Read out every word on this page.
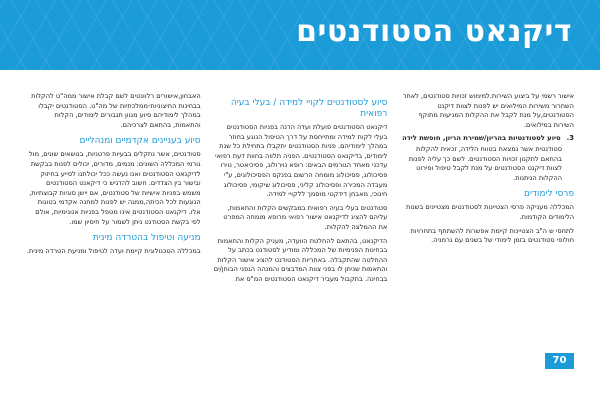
דיקנאט הסטודנטים

אישור רשמי על ביצוע השירות.למימוש זכויות סטודנטים, לאחר השחרור משירות המילואים יש לפנות לצוות דיקנט הסטודנטים,על מנת לקבל את ההקלות המגיעות מתוקף השירות במילואים.

3.סיוע לסטודנטיות בהריון/שמירת הריון, חופשת לידה

סטודנטית אשר נמצאת בטווח הלידה, זכאית להקלות בהתאם לתקנון זכויות הסטודנטים. לשם כך עליה לפנות לצוות דיקנט הסטודנטים על מנת לקבל טיפול ופירוט ההקלות הניתנות.

פרסי לימודים

המכללה מעניקה פרסי הצטיינות לסטודנטים מצטיינים בשנות הלימודים הקודמות.

לתחסי ש ה"ב הצטיינות קיימת אפשרות להשתתף בתחרויות חולופי סטודנטים בזמן לימודי של בשנים עם גרמניה.

סיוע לסטודנטים לקויי למידה / בעלי בעיה רפואית

דיקנאט הסטודנטים פועלת ועדה הדנה בפניות הסטודנטים בעלי לקות למידה ומתייחסת על דרך הטיפול הנוגע בחוזר במהלך לימודיהם. פניות הסטודנטים יתקבלו בתחילת כל שנת לימודים, בדיקנאט הסטודנטים. הפניה תלווה בחוות דעת רפואי עדכני מאחד הגורמים הבאים: רופא נוירולוג, פסיכיאטר, נוירו פסיכולוג, פסיכולוג מומחה הרשום בפנקס הפסיכולוגים, ע"י מעבדה המכירה ופסיכולוג קליני, פסיכולוג שיקומי, פסיכולוג חינוכי, מאבחן דידקטי מוסמך ללקויי למידה.

סטודנטים בעלי בעיה רפואית במבקשים הקלות והתאמות, עליהם להציג לדיקנאט אישור רפואי מרופא מומחה המפרט את ההמלצה להקלות.

הדיקנאט, בהתאם להחלטת הוועדה, מעניק הקלות והתאמות בבחינות הפנימיות של המכללה ומודיע לסטודנט בכתב על ההחלטה שהתקבלה. באחריות הסטודנט להציג אישור הקלות והתאמות שניתן לו בפני צוות המדבצים והמנהה הנפני הבוחן/ים בבחינה. בתקבול מעביר דיקנאט הסטודנטים המ"ס את

האבחון,אישורים רלוונטים לשם קבלת אישור ממה"ט להקלות בבחינות החיצוניות-ממלכתיות של מה"ט. הסטודנטים יקבלו במהלך לימודיהם סיוע מגוון תגבורים לימודים, הקלות והתאמות, בהתאם לצרכיהם.

סיוע בעניינים אקדמיים ומנהליים

סטודנטים, אשר נתקלים בבעיות פרטניות, בנושאים שונים, מול גורמי המכללה השונים: מנמים, מדורים, יכולים לפנות בבקשת לדיקנאט הסטודנטים ואנו נעשה ככל יכולתנו לסייע בחיזוק ובישור בין הצדדים. חשוב להדגיש כי דיקאנט הסטודנטים משמש בפניות אישיות של סטודנטים, אם יישן סוגיות קבוצתיות, הנוגעות לכל הכיתה,ממנה יש לפנות למחנה אקדמי בטוגות אלו. דיקנאט הסטודנטים אינו מטפל בפניות אנונימיות, אולם לפי בקשת הסטודנט ניתן לשמור על חיסיון שמו.

מניעה וטיפול בהטרדה מינית

במכללה הטכנולוגית קיימת ועדה לטיפול ומניעת הטרדה מינית.

70
